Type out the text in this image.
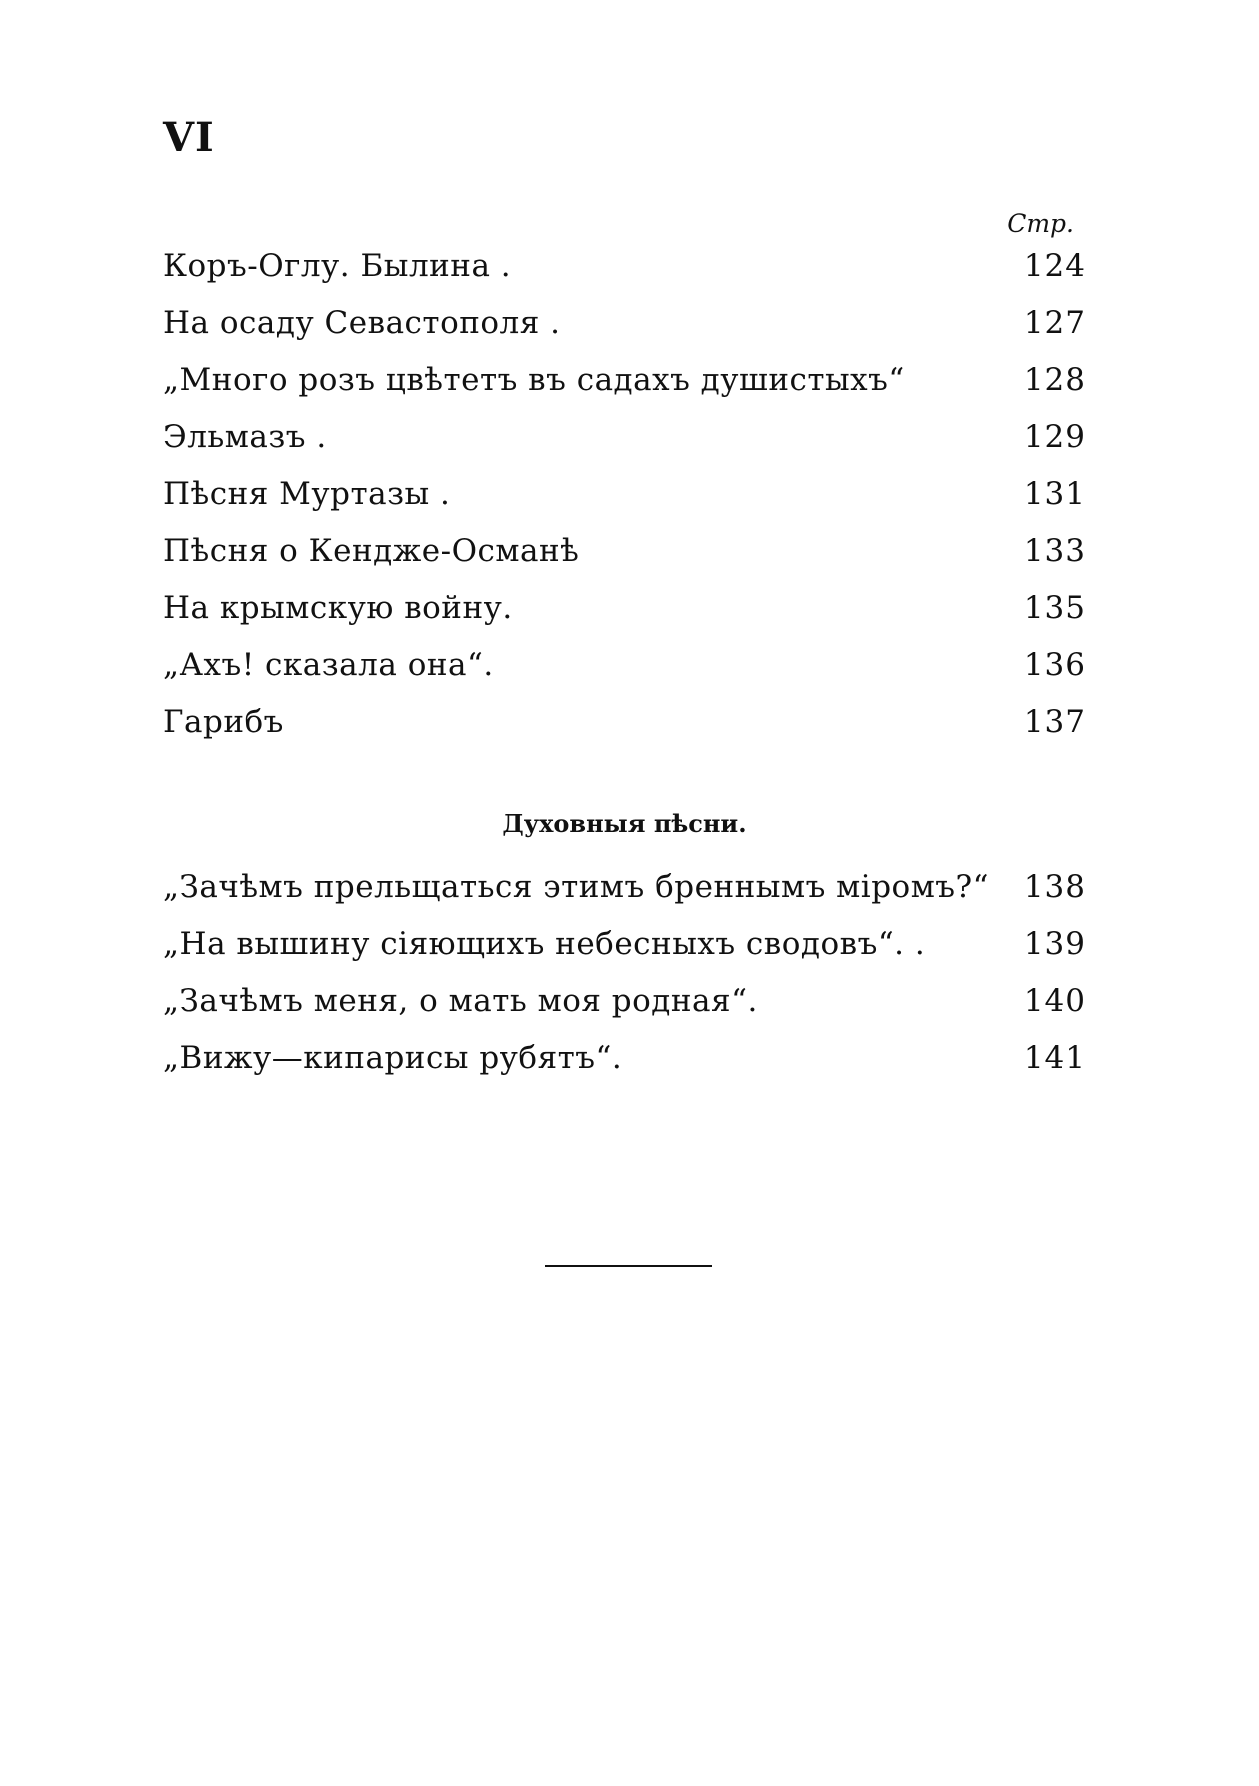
VI
Стр.
Коръ-Оглу. Былина .	124
На осаду Севастополя .	127
„Много розъ цвѣтетъ въ садахъ душистыхъ“	128
Эльмазъ .	129
Пѣсня Муртазы .	131
Пѣсня о Кендже-Османѣ	133
На крымскую войну.	135
„Ахъ! сказала она“.	136
Гарибъ	137
Духовныя пѣсни.
„Зачѣмъ прельщаться этимъ бреннымъ міромъ?“ 138
„На вышину сіяющихъ небесныхъ сводовъ“. .	139
„Зачѣмъ меня, о мать моя родная“.	140
„Вижу—кипарисы рубятъ“.	141
